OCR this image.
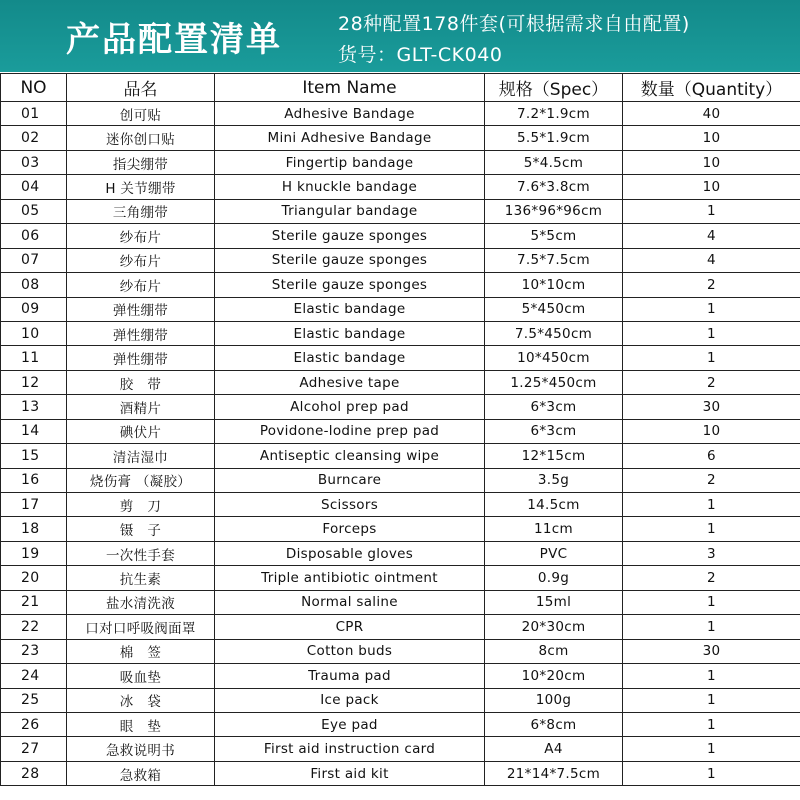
产品配置清单	28种配置178件套(可根据需求自由配置)
货号：GLT-CK040
NO	品名	Item Name	规格（Spec）	数量（Quantity）
01	创可贴	Adhesive Bandage	7.2*1.9cm	40
02	迷你创口贴	Mini Adhesive Bandage	5.5*1.9cm	10
03	指尖绷带	Fingertip bandage	5*4.5cm	10
04	H 关节绷带	H knuckle bandage	7.6*3.8cm	10
05	三角绷带	Triangular bandage	136*96*96cm	1
06	纱布片	Sterile gauze sponges	5*5cm	4
07	纱布片	Sterile gauze sponges	7.5*7.5cm	4
08	纱布片	Sterile gauze sponges	10*10cm	2
09	弹性绷带	Elastic bandage	5*450cm	1
10	弹性绷带	Elastic bandage	7.5*450cm	1
11	弹性绷带	Elastic bandage	10*450cm	1
12	胶　带	Adhesive tape	1.25*450cm	2
13	酒精片	Alcohol prep pad	6*3cm	30
14	碘伏片	Povidone-lodine prep pad	6*3cm	10
15	清洁湿巾	Antiseptic cleansing wipe	12*15cm	6
16	烧伤膏 （凝胶）	Burncare	3.5g	2
17	剪　刀	Scissors	14.5cm	1
18	镊　子	Forceps	11cm	1
19	一次性手套	Disposable gloves	PVC	3
20	抗生素	Triple antibiotic ointment	0.9g	2
21	盐水清洗液	Normal saline	15ml	1
22	口对口呼吸阀面罩	CPR	20*30cm	1
23	棉　签	Cotton buds	8cm	30
24	吸血垫	Trauma pad	10*20cm	1
25	冰　袋	Ice pack	100g	1
26	眼　垫	Eye pad	6*8cm	1
27	急救说明书	First aid instruction card	A4	1
28	急救箱	First aid kit	21*14*7.5cm	1
